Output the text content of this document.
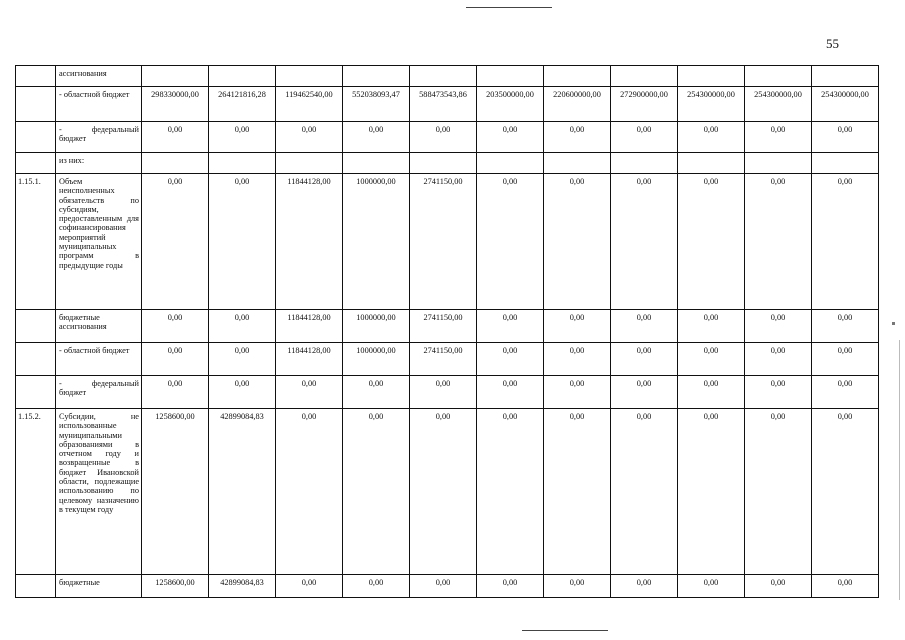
55
	ассигнования											
	- областной бюджет	298330000,00	264121816,28	119462540,00	552038093,47	588473543,86	203500000,00	220600000,00	272900000,00	254300000,00	254300000,00	254300000,00
	- федеральный бюджет	0,00	0,00	0,00	0,00	0,00	0,00	0,00	0,00	0,00	0,00	0,00
	из них:											
1.15.1.	Объем неисполненных обязательств по субсидиям, предоставленным для софинансирования мероприятий муниципальных программ в предыдущие годы	0,00	0,00	11844128,00	1000000,00	2741150,00	0,00	0,00	0,00	0,00	0,00	0,00
	бюджетные ассигнования	0,00	0,00	11844128,00	1000000,00	2741150,00	0,00	0,00	0,00	0,00	0,00	0,00
	- областной бюджет	0,00	0,00	11844128,00	1000000,00	2741150,00	0,00	0,00	0,00	0,00	0,00	0,00
	- федеральный бюджет	0,00	0,00	0,00	0,00	0,00	0,00	0,00	0,00	0,00	0,00	0,00
1.15.2.	Субсидии, не использованные муниципальными образованиями в отчетном году и возвращенные в бюджет Ивановской области, подлежащие использованию по целевому назначению в текущем году	1258600,00	42899084,83	0,00	0,00	0,00	0,00	0,00	0,00	0,00	0,00	0,00
	бюджетные	1258600,00	42899084,83	0,00	0,00	0,00	0,00	0,00	0,00	0,00	0,00	0,00
